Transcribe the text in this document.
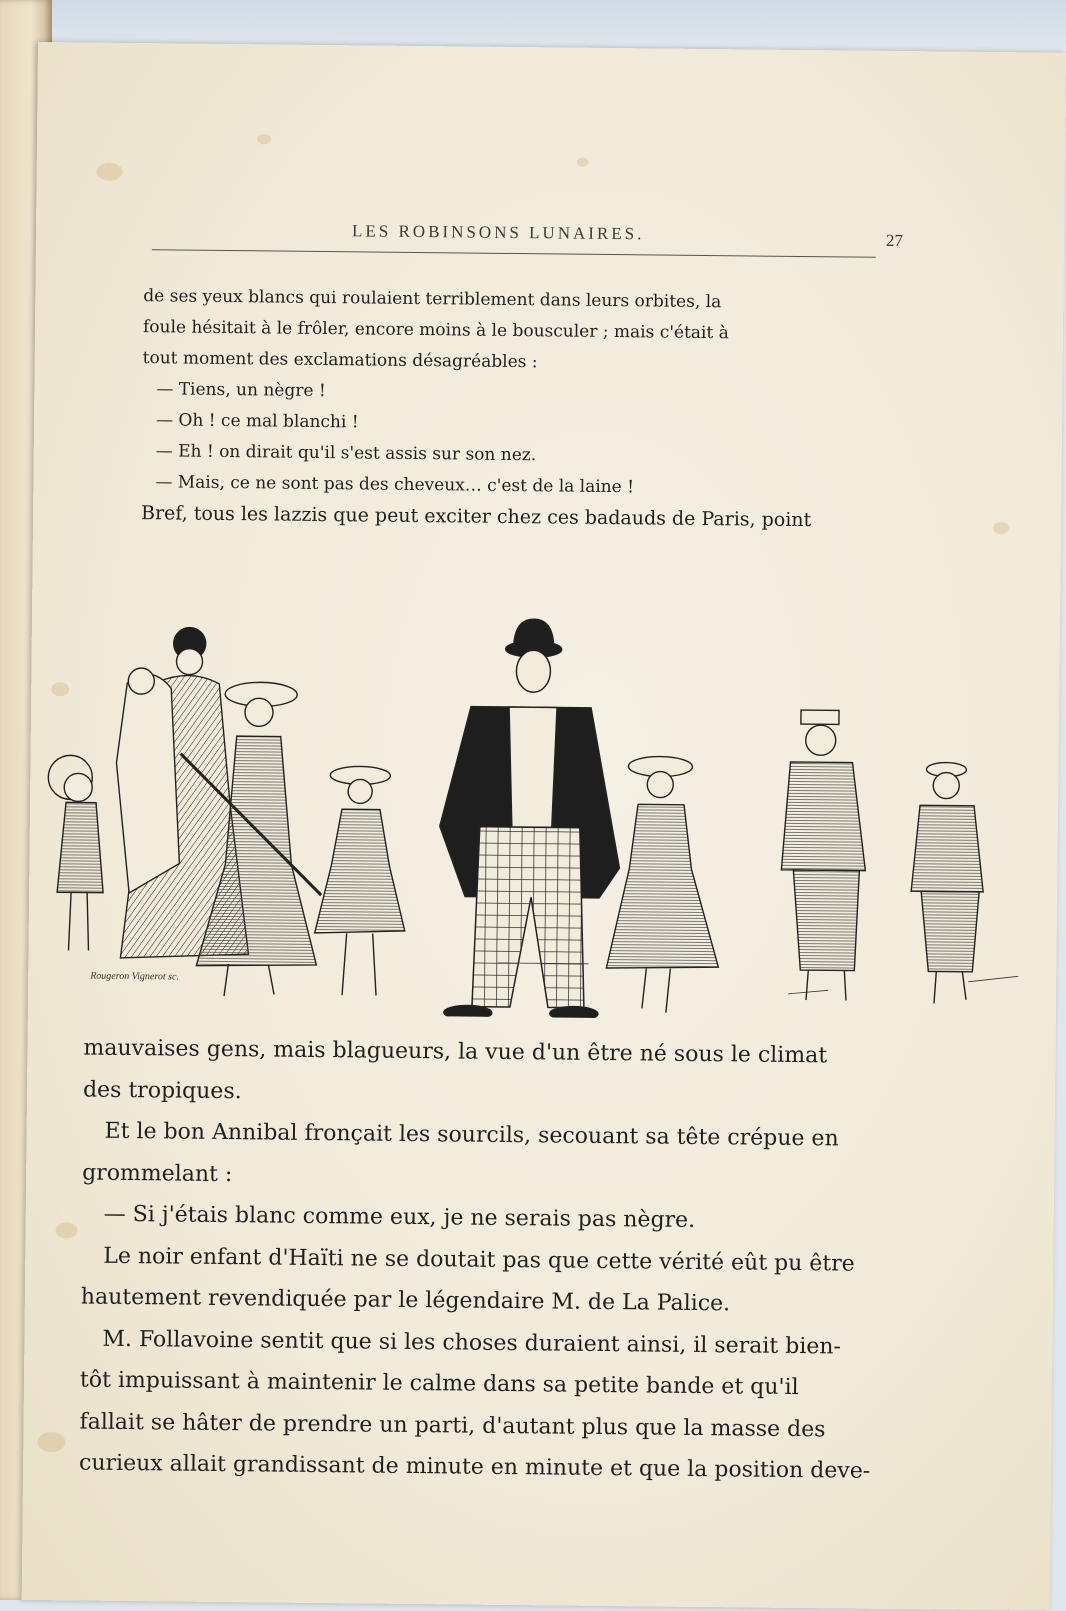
LES ROBINSONS LUNAIRES.	27
de ses yeux blancs qui roulaient terriblement dans leurs orbites, la
foule hésitait à le frôler, encore moins à le bousculer ; mais c'était à
tout moment des exclamations désagréables :
— Tiens, un nègre !
— Oh ! ce mal blanchi !
— Eh ! on dirait qu'il s'est assis sur son nez.
— Mais, ce ne sont pas des cheveux… c'est de la laine !
Bref, tous les lazzis que peut exciter chez ces badauds de Paris, point
Rougeron Vignerot sc.
mauvaises gens, mais blagueurs, la vue d'un être né sous le climat
des tropiques.
Et le bon Annibal fronçait les sourcils, secouant sa tête crépue en
grommelant :
— Si j'étais blanc comme eux, je ne serais pas nègre.
Le noir enfant d'Haïti ne se doutait pas que cette vérité eût pu être
hautement revendiquée par le légendaire M. de La Palice.
M. Follavoine sentit que si les choses duraient ainsi, il serait bien-
tôt impuissant à maintenir le calme dans sa petite bande et qu'il
fallait se hâter de prendre un parti, d'autant plus que la masse des
curieux allait grandissant de minute en minute et que la position deve-
